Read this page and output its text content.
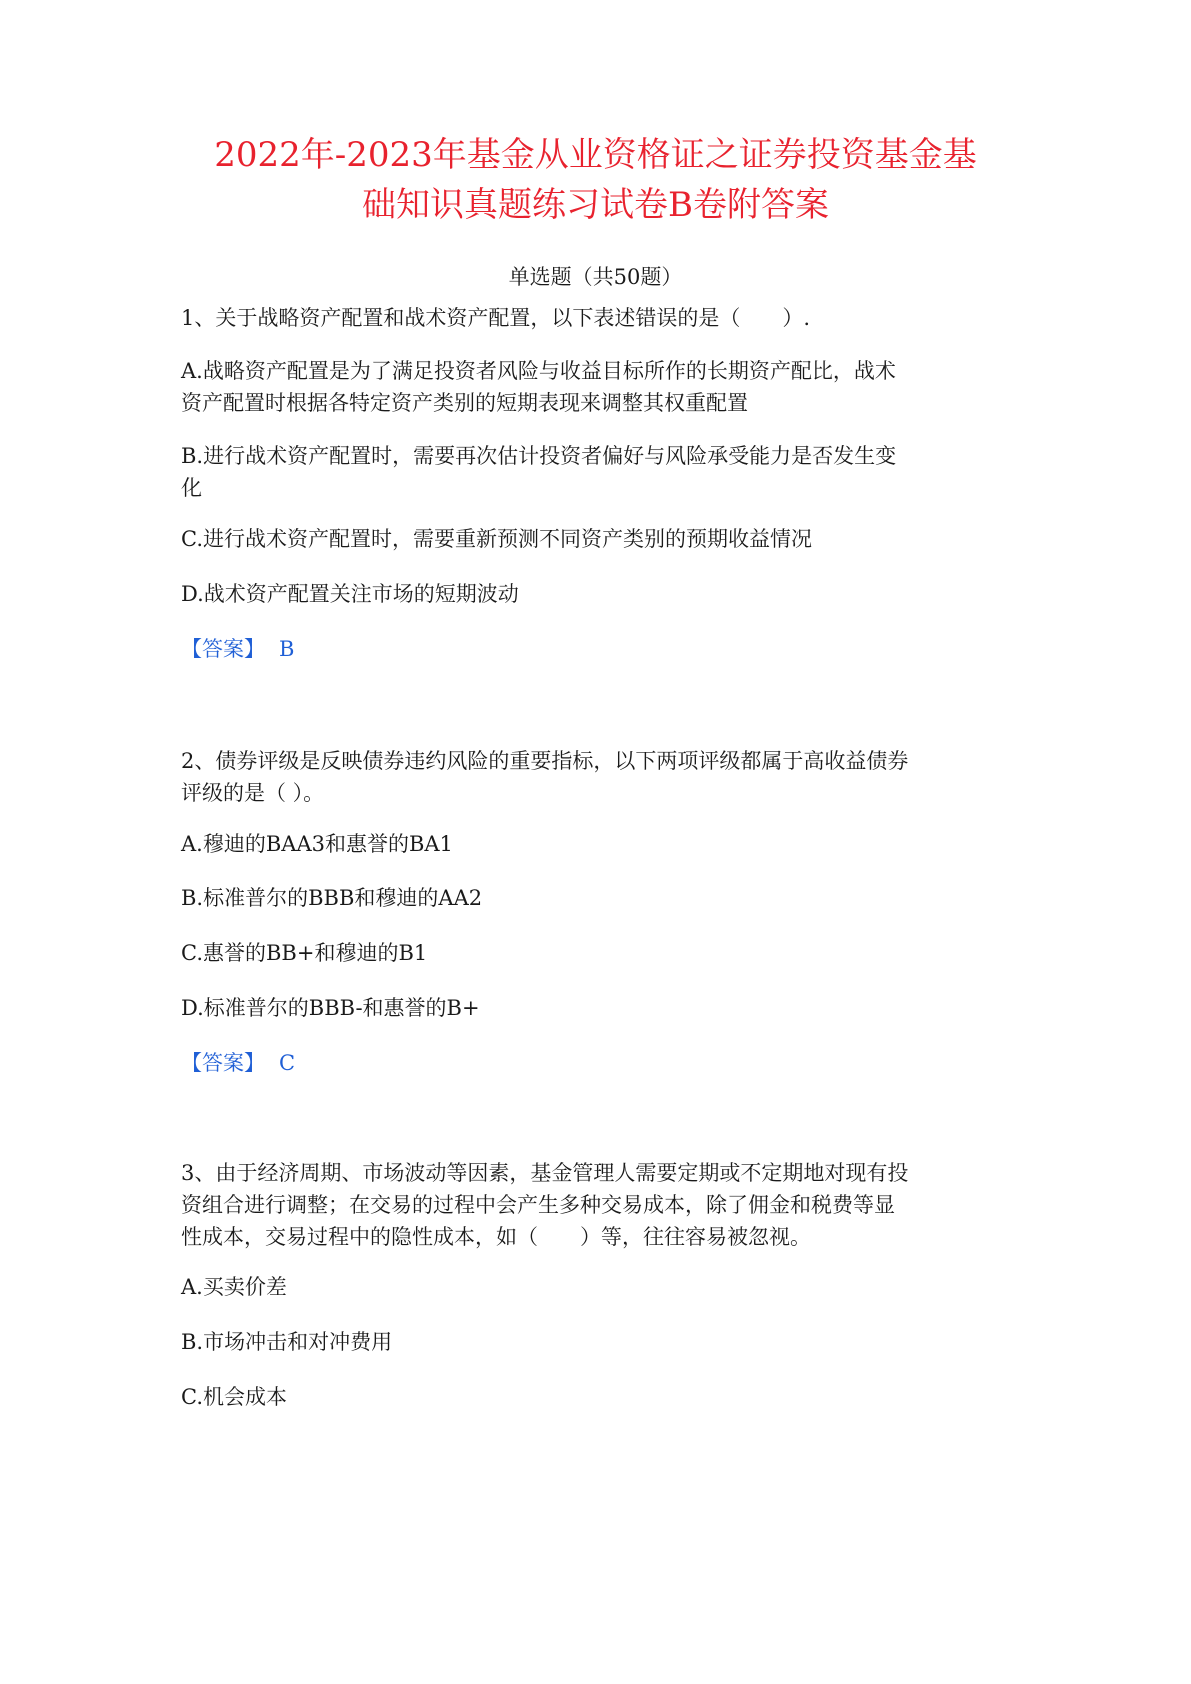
2022年-2023年基金从业资格证之证券投资基金基
础知识真题练习试卷B卷附答案
单选题（共50题）
1、关于战略资产配置和战术资产配置，以下表述错误的是（　　）.
A.战略资产配置是为了满足投资者风险与收益目标所作的长期资产配比，战术
资产配置时根据各特定资产类别的短期表现来调整其权重配置
B.进行战术资产配置时，需要再次估计投资者偏好与风险承受能力是否发生变
化
C.进行战术资产配置时，需要重新预测不同资产类别的预期收益情况
D.战术资产配置关注市场的短期波动
【答案】 B
2、债券评级是反映债券违约风险的重要指标，以下两项评级都属于高收益债券
评级的是（ ）。
A.穆迪的BAA3和惠誉的BA1
B.标准普尔的BBB和穆迪的AA2
C.惠誉的BB+和穆迪的B1
D.标准普尔的BBB-和惠誉的B+
【答案】 C
3、由于经济周期、市场波动等因素，基金管理人需要定期或不定期地对现有投
资组合进行调整；在交易的过程中会产生多种交易成本，除了佣金和税费等显
性成本，交易过程中的隐性成本，如（　　）等，往往容易被忽视。
A.买卖价差
B.市场冲击和对冲费用
C.机会成本
